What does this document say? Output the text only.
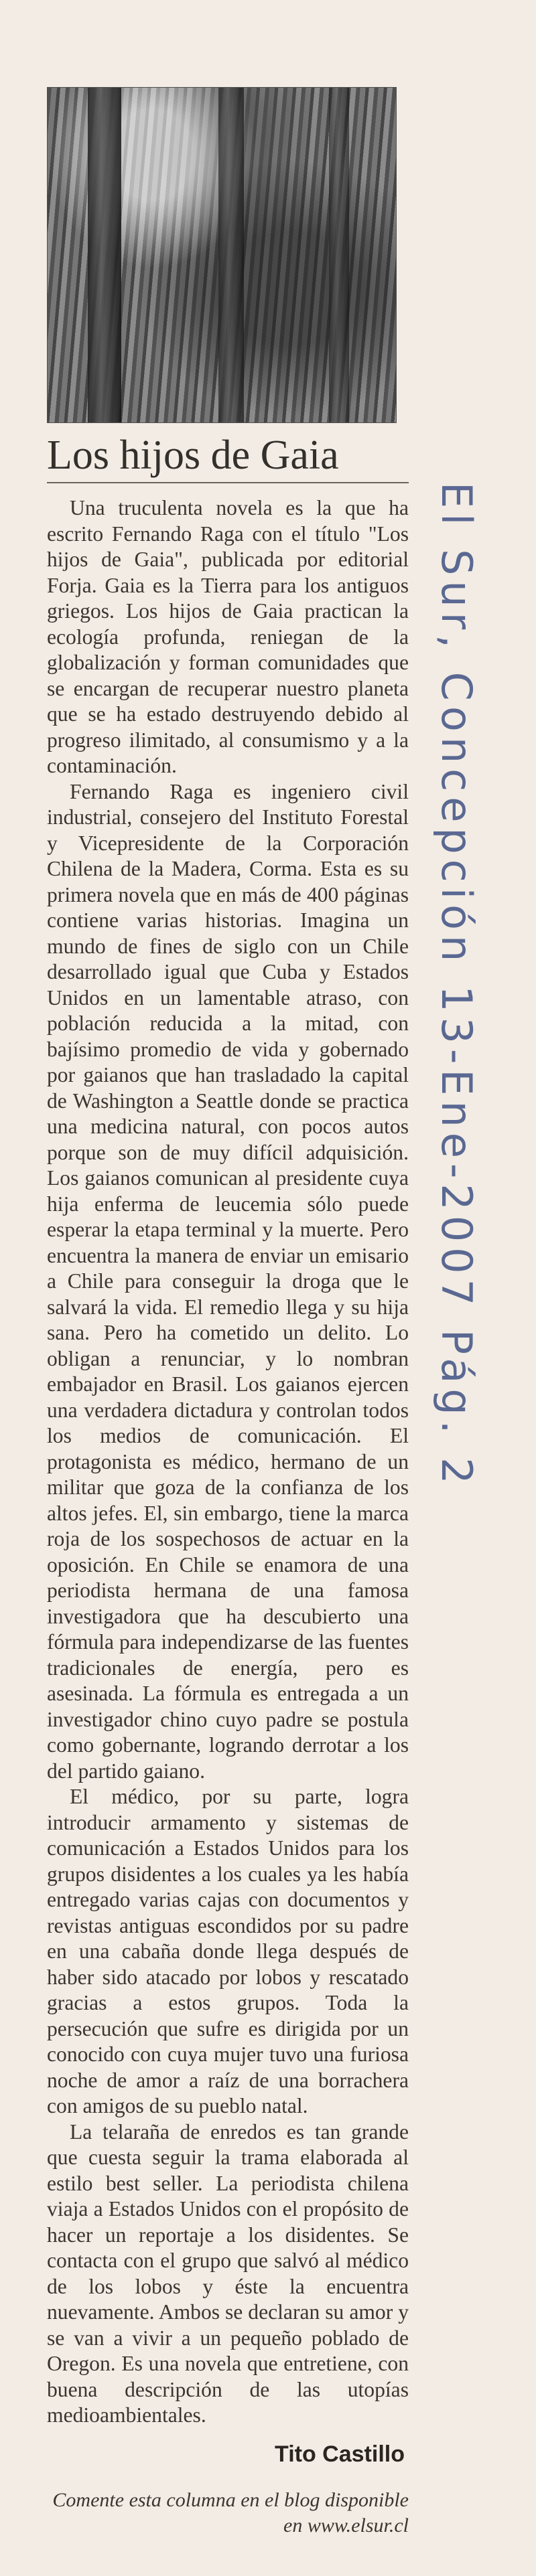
Los hijos de Gaia

Una truculenta novela es la que ha escrito Fernando Raga con el título "Los hijos de Gaia", publicada por editorial Forja. Gaia es la Tierra para los antiguos griegos. Los hijos de Gaia practican la ecología profunda, reniegan de la globalización y forman comunidades que se encargan de recuperar nuestro planeta que se ha estado destruyendo debido al progreso ilimitado, al consumismo y a la contaminación.

Fernando Raga es ingeniero civil industrial, consejero del Instituto Forestal y Vicepresidente de la Corporación Chilena de la Madera, Corma. Esta es su primera novela que en más de 400 páginas contiene varias historias. Imagina un mundo de fines de siglo con un Chile desarrollado igual que Cuba y Estados Unidos en un lamentable atraso, con población reducida a la mitad, con bajísimo promedio de vida y gobernado por gaianos que han trasladado la capital de Washington a Seattle donde se practica una medicina natural, con pocos autos porque son de muy difícil adquisición. Los gaianos comunican al presidente cuya hija enferma de leucemia sólo puede esperar la etapa terminal y la muerte. Pero encuentra la manera de enviar un emisario a Chile para conseguir la droga que le salvará la vida. El remedio llega y su hija sana. Pero ha cometido un delito. Lo obligan a renunciar, y lo nombran embajador en Brasil. Los gaianos ejercen una verdadera dictadura y controlan todos los medios de comunicación. El protagonista es médico, hermano de un militar que goza de la confianza de los altos jefes. El, sin embargo, tiene la marca roja de los sospechosos de actuar en la oposición. En Chile se enamora de una periodista hermana de una famosa investigadora que ha descubierto una fórmula para independizarse de las fuentes tradicionales de energía, pero es asesinada. La fórmula es entregada a un investigador chino cuyo padre se postula como gobernante, logrando derrotar a los del partido gaiano.

El médico, por su parte, logra introducir armamento y sistemas de comunicación a Estados Unidos para los grupos disidentes a los cuales ya les había entregado varias cajas con documentos y revistas antiguas escondidos por su padre en una cabaña donde llega después de haber sido atacado por lobos y rescatado gracias a estos grupos. Toda la persecución que sufre es dirigida por un conocido con cuya mujer tuvo una furiosa noche de amor a raíz de una borrachera con amigos de su pueblo natal.

La telaraña de enredos es tan grande que cuesta seguir la trama elaborada al estilo best seller. La periodista chilena viaja a Estados Unidos con el propósito de hacer un reportaje a los disidentes. Se contacta con el grupo que salvó al médico de los lobos y éste la encuentra nuevamente. Ambos se declaran su amor y se van a vivir a un pequeño poblado de Oregon. Es una novela que entretiene, con buena descripción de las utopías medioambientales.

Tito Castillo
Comente esta columna en el blog disponible en www.elsur.cl
El Sur, Concepción 13-Ene-2007 Pág. 2
